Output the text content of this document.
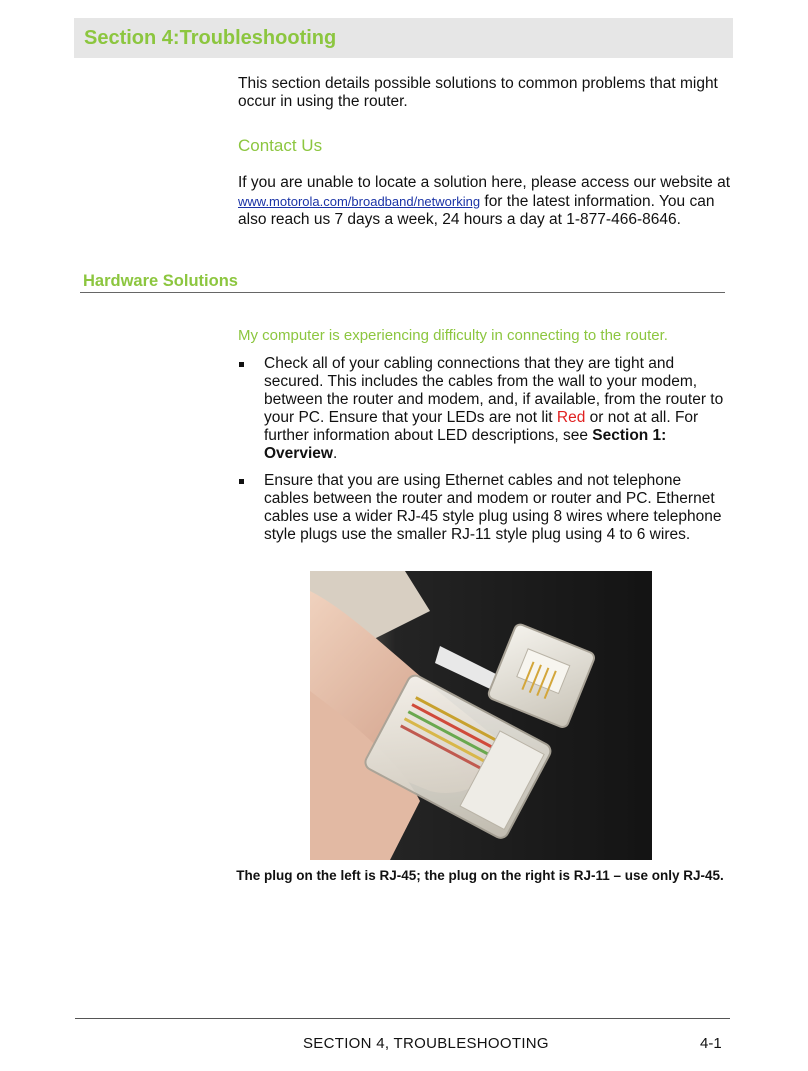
Section 4:Troubleshooting

This section details possible solutions to common problems that might occur in using the router.

Contact Us

If you are unable to locate a solution here, please access our website at www.motorola.com/broadband/networking for the latest information. You can also reach us 7 days a week, 24 hours a day at 1-877-466-8646.

Hardware Solutions

My computer is experiencing difficulty in connecting to the router.

Check all of your cabling connections that they are tight and secured. This includes the cables from the wall to your modem, between the router and modem, and, if available, from the router to your PC. Ensure that your LEDs are not lit Red or not at all. For further information about LED descriptions, see Section 1: Overview.
Ensure that you are using Ethernet cables and not telephone cables between the router and modem or router and PC. Ethernet cables use a wider RJ-45 style plug using 8 wires where telephone style plugs use the smaller RJ-11 style plug using 4 to 6 wires.

The plug on the left is RJ-45; the plug on the right is RJ-11 – use only RJ-45.

SECTION 4, TROUBLESHOOTING	4-1
